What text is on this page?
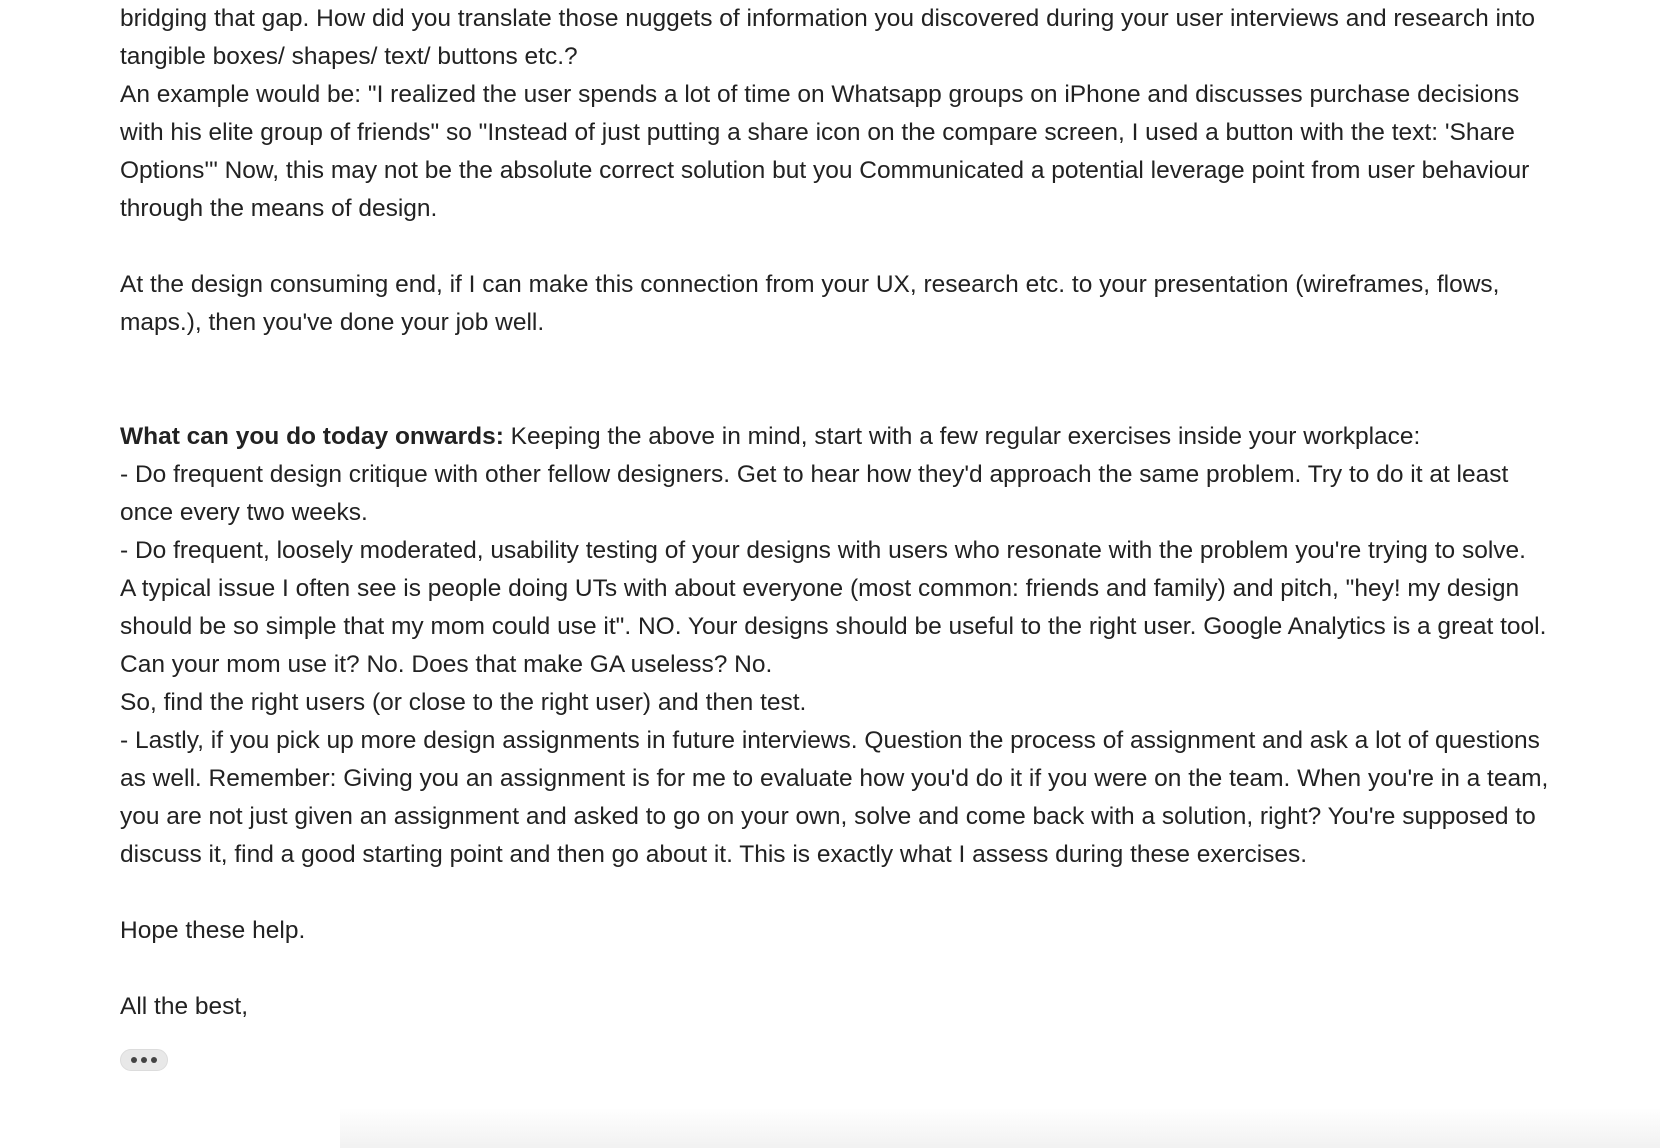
bridging that gap. How did you translate those nuggets of information you discovered during your user interviews and research into

tangible boxes/ shapes/ text/ buttons etc.?

An example would be: "I realized the user spends a lot of time on Whatsapp groups on iPhone and discusses purchase decisions

with his elite group of friends" so "Instead of just putting a share icon on the compare screen, I used a button with the text: 'Share

Options'" Now, this may not be the absolute correct solution but you Communicated a potential leverage point from user behaviour

through the means of design.

At the design consuming end, if I can make this connection from your UX, research etc. to your presentation (wireframes, flows,

maps.), then you've done your job well.

What can you do today onwards: Keeping the above in mind, start with a few regular exercises inside your workplace:

- Do frequent design critique with other fellow designers. Get to hear how they'd approach the same problem. Try to do it at least

once every two weeks.

- Do frequent, loosely moderated, usability testing of your designs with users who resonate with the problem you're trying to solve.

A typical issue I often see is people doing UTs with about everyone (most common: friends and family) and pitch, "hey! my design

should be so simple that my mom could use it". NO. Your designs should be useful to the right user. Google Analytics is a great tool.

Can your mom use it? No. Does that make GA useless? No.

So, find the right users (or close to the right user) and then test.

- Lastly, if you pick up more design assignments in future interviews. Question the process of assignment and ask a lot of questions

as well. Remember: Giving you an assignment is for me to evaluate how you'd do it if you were on the team. When you're in a team,

you are not just given an assignment and asked to go on your own, solve and come back with a solution, right? You're supposed to

discuss it, find a good starting point and then go about it. This is exactly what I assess during these exercises.

Hope these help.

All the best,
